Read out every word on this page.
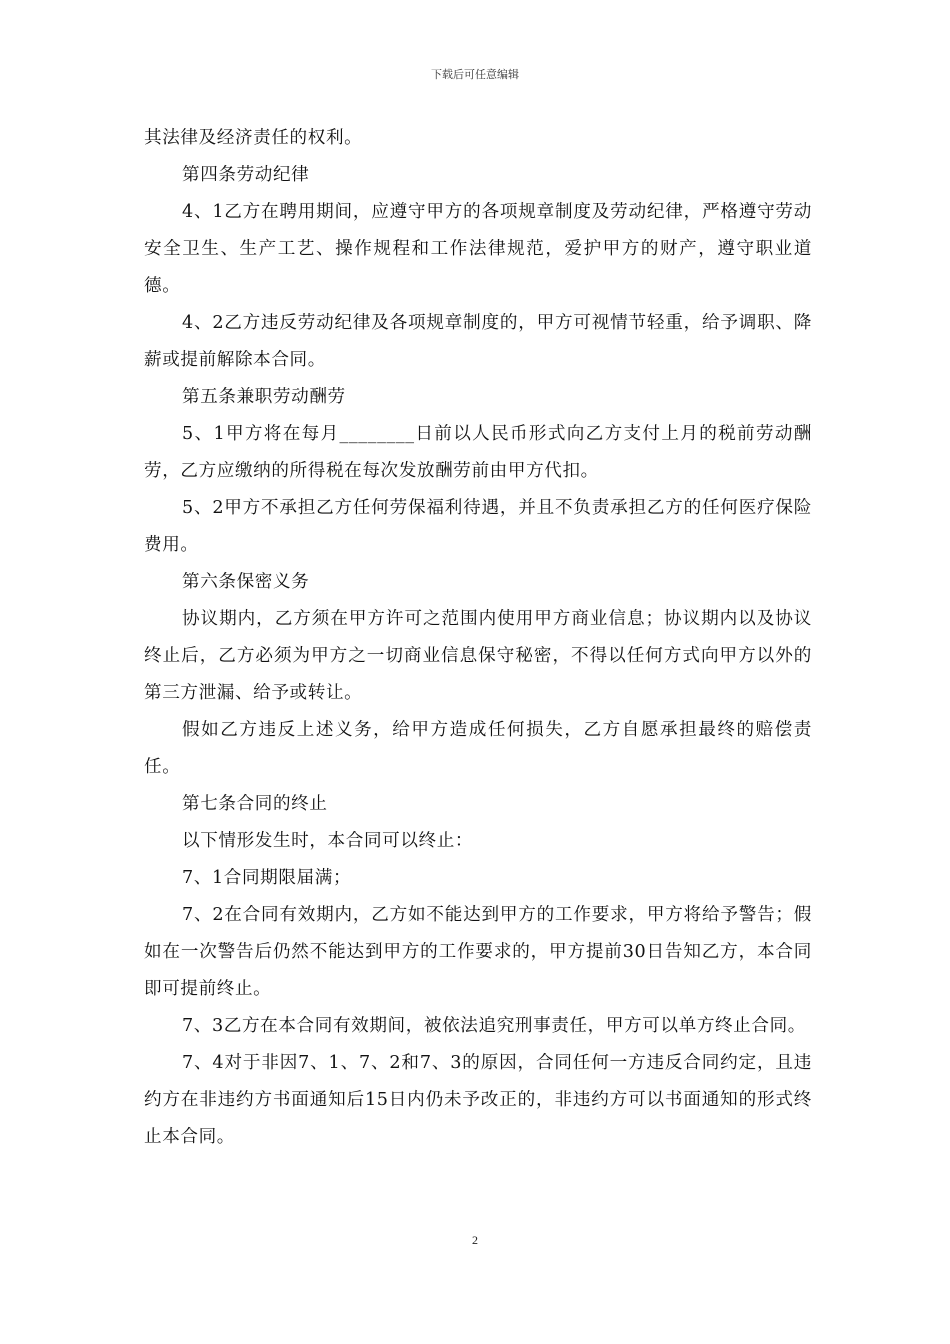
下载后可任意编辑

其法律及经济责任的权利。

第四条劳动纪律

4、1乙方在聘用期间，应遵守甲方的各项规章制度及劳动纪律，严格遵守劳动安全卫生、生产工艺、操作规程和工作法律规范，爱护甲方的财产，遵守职业道德。

4、2乙方违反劳动纪律及各项规章制度的，甲方可视情节轻重，给予调职、降薪或提前解除本合同。

第五条兼职劳动酬劳

5、1甲方将在每月________日前以人民币形式向乙方支付上月的税前劳动酬劳，乙方应缴纳的所得税在每次发放酬劳前由甲方代扣。

5、2甲方不承担乙方任何劳保福利待遇，并且不负责承担乙方的任何医疗保险费用。

第六条保密义务

协议期内，乙方须在甲方许可之范围内使用甲方商业信息；协议期内以及协议终止后，乙方必须为甲方之一切商业信息保守秘密，不得以任何方式向甲方以外的第三方泄漏、给予或转让。

假如乙方违反上述义务，给甲方造成任何损失，乙方自愿承担最终的赔偿责任。

第七条合同的终止

以下情形发生时，本合同可以终止：

7、1合同期限届满；

7、2在合同有效期内，乙方如不能达到甲方的工作要求，甲方将给予警告；假如在一次警告后仍然不能达到甲方的工作要求的，甲方提前30日告知乙方，本合同即可提前终止。

7、3乙方在本合同有效期间，被依法追究刑事责任，甲方可以单方终止合同。

7、4对于非因7、1、7、2和7、3的原因，合同任何一方违反合同约定，且违约方在非违约方书面通知后15日内仍未予改正的，非违约方可以书面通知的形式终止本合同。

2
